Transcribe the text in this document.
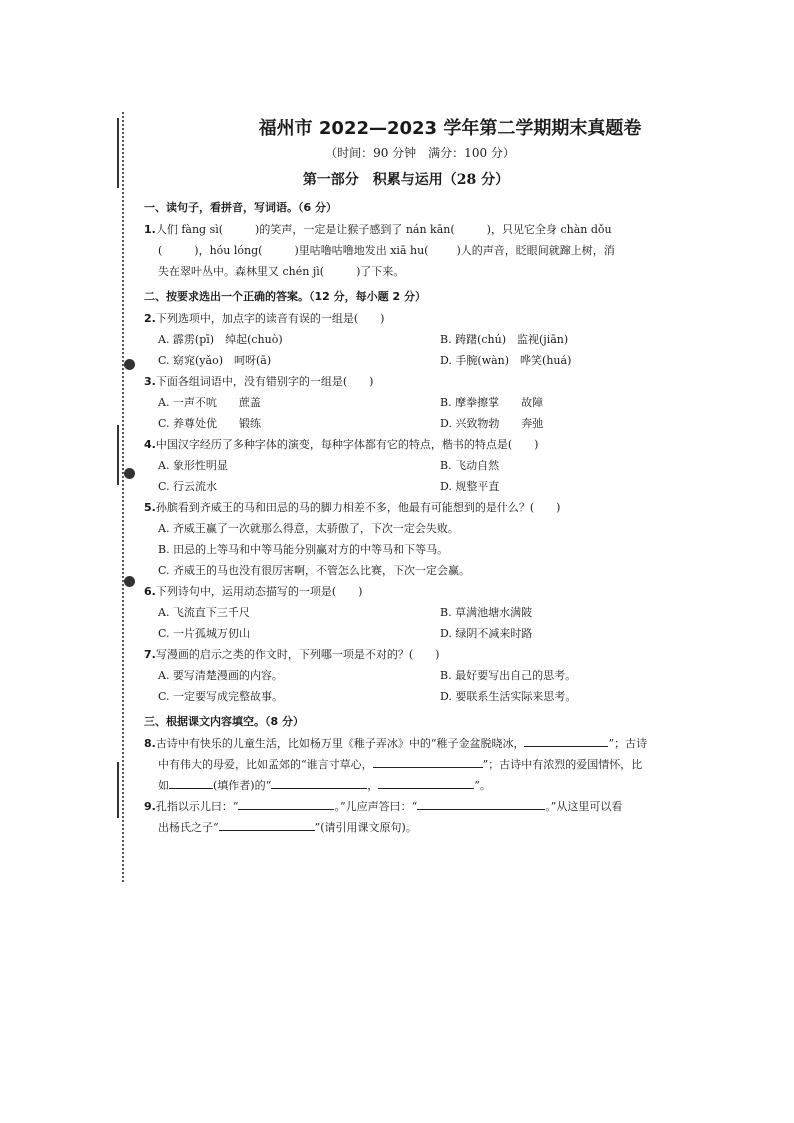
福州市 2022—2023 学年第二学期期末真题卷
（时间：90 分钟　满分：100 分）
第一部分　积累与运用（28 分）
一、读句子，看拼音，写词语。（6 分）
1.人们 fàng sì(	)的笑声，一定是让猴子感到了 nán kān(	)，只见它全身 chàn dǒu
(	)，hóu lóng(	)里咕噜咕噜地发出 xiā hu(	)人的声音，眨眼间就蹿上树，消
失在翠叶丛中。森林里又 chén jì(	)了下来。
二、按要求选出一个正确的答案。（12 分，每小题 2 分）
2.下列选项中，加点字的读音有误的一组是(　　)
A. 霹雳(pī)　绰起(chuò)	B. 踌躇(chú)　监视(jiān)
C. 窈窕(yǎo)　呵呀(ā)	D. 手腕(wàn)　哗笑(huá)
3.下面各组词语中，没有错别字的一组是(　　)
A. 一声不吭　　蔗盖	B. 摩拳擦掌　　故障
C. 养尊处优　　锻练	D. 兴致物勃　　奔弛
4.中国汉字经历了多种字体的演变，每种字体都有它的特点，楷书的特点是(　　)
A. 象形性明显	B. 飞动自然
C. 行云流水	D. 规整平直
5.孙膑看到齐威王的马和田忌的马的脚力相差不多，他最有可能想到的是什么？(　　)
A. 齐威王赢了一次就那么得意，太骄傲了，下次一定会失败。
B. 田忌的上等马和中等马能分别赢对方的中等马和下等马。
C. 齐威王的马也没有很厉害啊，不管怎么比赛，下次一定会赢。
6.下列诗句中，运用动态描写的一项是(　　)
A. 飞流直下三千尺	B. 草满池塘水满陂
C. 一片孤城万仞山	D. 绿阴不减来时路
7.写漫画的启示之类的作文时，下列哪一项是不对的？(　　)
A. 要写清楚漫画的内容。	B. 最好要写出自己的思考。
C. 一定要写成完整故事。	D. 要联系生活实际来思考。
三、根据课文内容填空。（8 分）
8.古诗中有快乐的儿童生活，比如杨万里《稚子弄冰》中的“稚子金盆脱晓冰，	”；古诗
中有伟大的母爱，比如孟郊的“谁言寸草心，	”；古诗中有浓烈的爱国情怀，比
如	(填作者)的“	，	”。
9.孔指以示儿曰：“	。”儿应声答曰：“	。”从这里可以看
出杨氏之子“	”(请引用课文原句)。
